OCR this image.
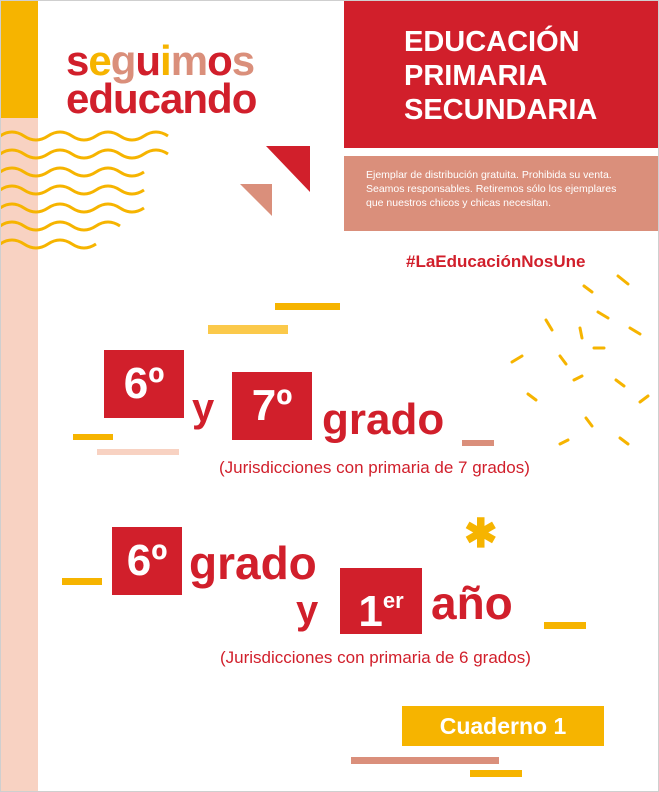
seguimos
educando
EDUCACIÓN
PRIMARIA
SECUNDARIA
Ejemplar de distribución gratuita. Prohibida su venta.
Seamos responsables. Retiremos sólo los ejemplares
que nuestros chicos y chicas necesitan.
#LaEducaciónNosUne
6º y 7º grado
(Jurisdicciones con primaria de 7 grados)
✱
6º grado
y 1er año
(Jurisdicciones con primaria de 6 grados)
Cuaderno 1
